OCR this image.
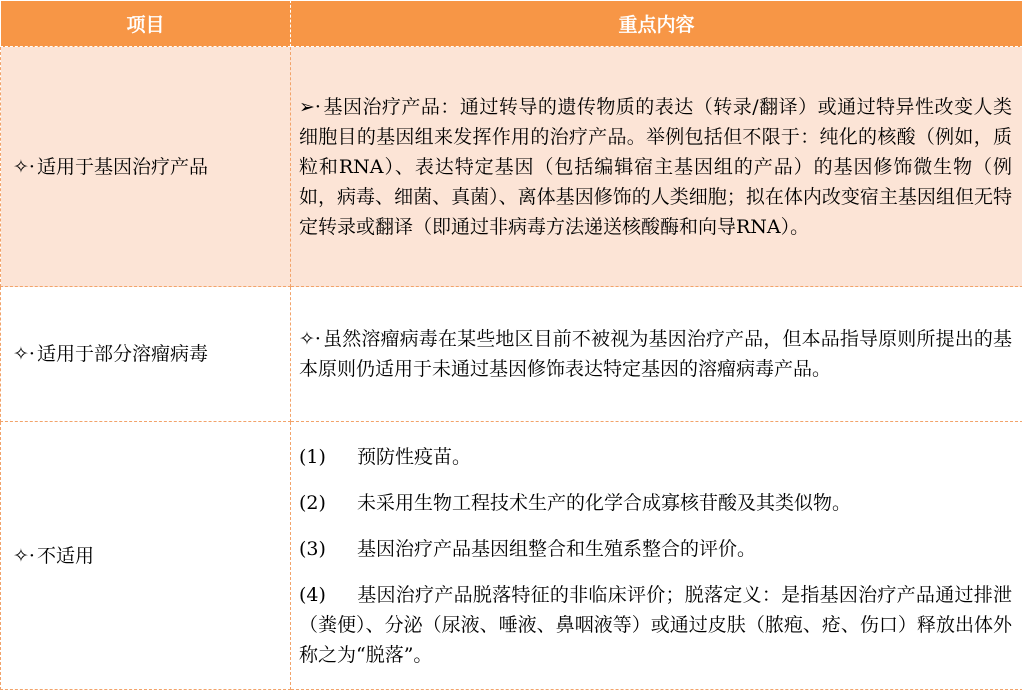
项目	重点内容
✧· 适用于基因治疗产品	➢· 基因治疗产品：通过转导的遗传物质的表达（转录/翻译）或通过特异性改变人类细胞目的基因组来发挥作用的治疗产品。举例包括但不限于：纯化的核酸（例如，质粒和RNA）、表达特定基因（包括编辑宿主基因组的产品）的基因修饰微生物（例如，病毒、细菌、真菌）、离体基因修饰的人类细胞；拟在体内改变宿主基因组但无特定转录或翻译（即通过非病毒方法递送核酸酶和向导RNA）。

✧· 适用于部分溶瘤病毒	✧· 虽然溶瘤病毒在某些地区目前不被视为基因治疗产品，但本品指导原则所提出的基本原则仍适用于未通过基因修饰表达特定基因的溶瘤病毒产品。

✧· 不适用	(1) 预防性疫苗。

(2) 未采用生物工程技术生产的化学合成寡核苷酸及其类似物。

(3) 基因治疗产品基因组整合和生殖系整合的评价。

(4) 基因治疗产品脱落特征的非临床评价；脱落定义：是指基因治疗产品通过排泄（粪便）、分泌（尿液、唾液、鼻咽液等）或通过皮肤（脓疱、疮、伤口）释放出体外称之为“脱落”。
